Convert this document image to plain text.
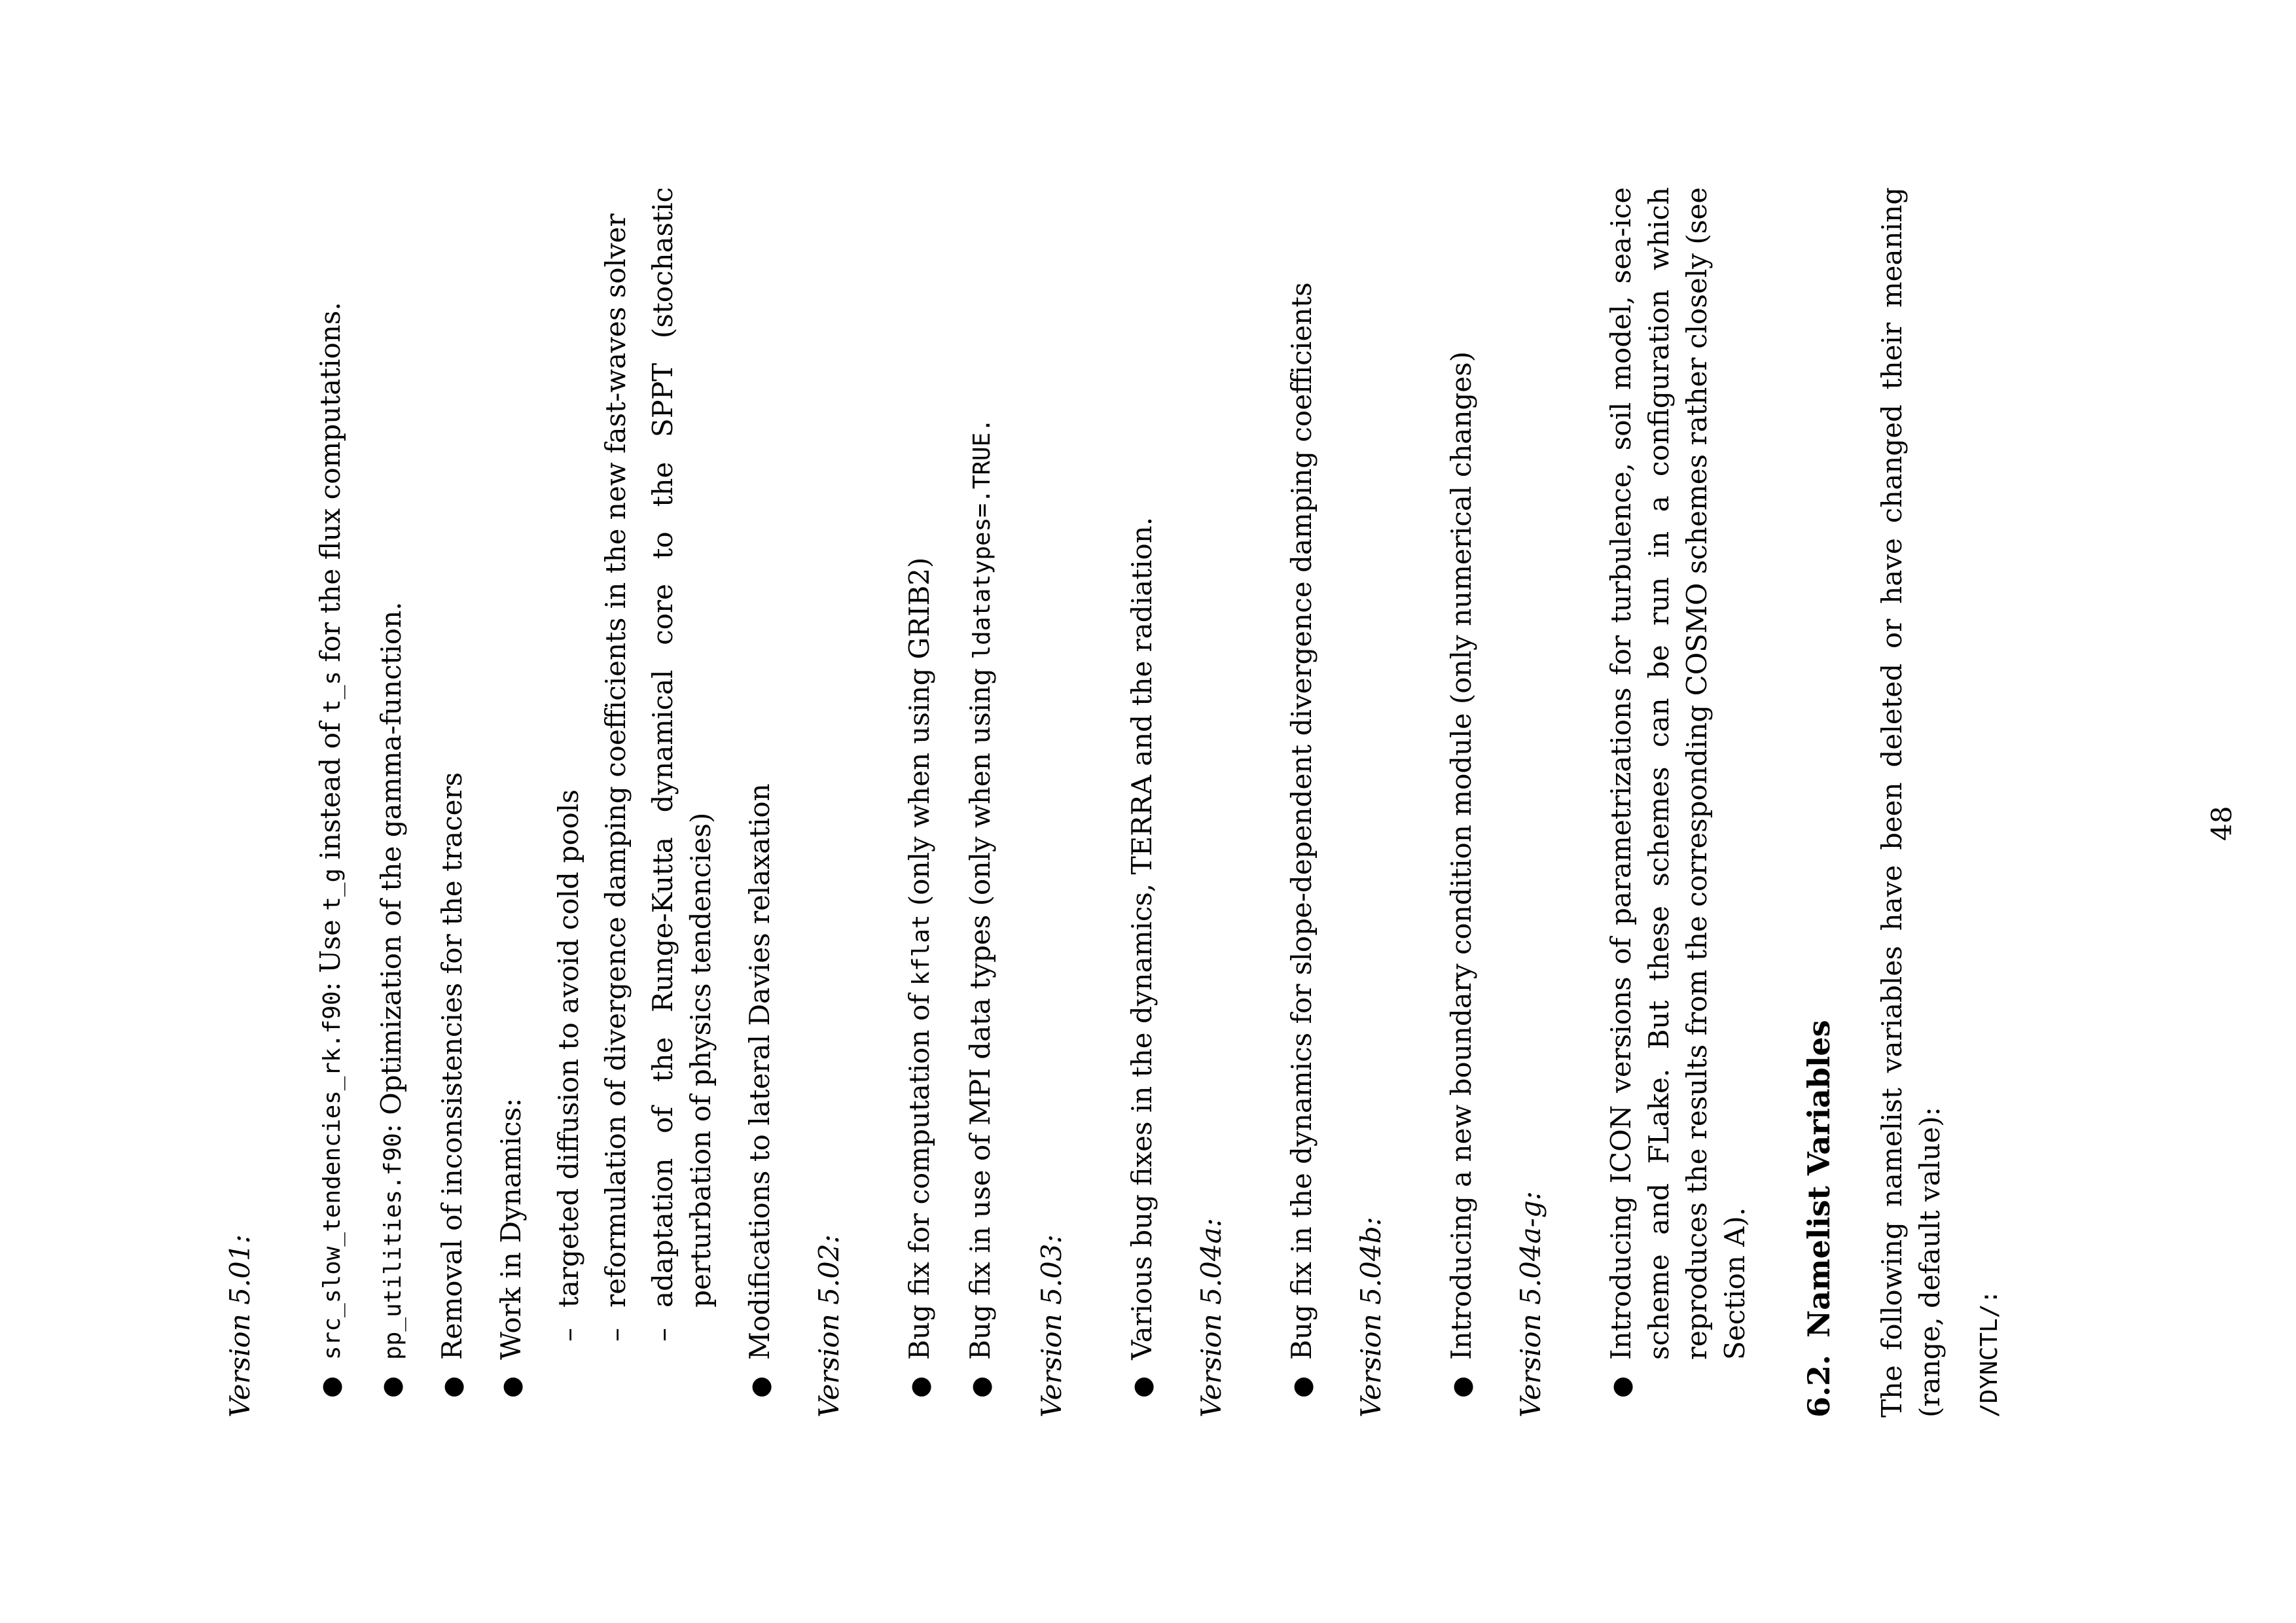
Version 5.01: ●
src_slow_tendencies_rk.f90: Use t_g instead of t_s for the flux computations.
●
pp_utilities.f90: Optimization of the gamma-function.
●
Removal of inconsistencies for the tracers
●
Work in Dynamics: –
targeted diffusion to avoid cold pools
–
reformulation of divergence damping coefficients in the new fast-waves solver
–
adaptation of the Runge-Kutta dynamical core to the SPPT (stochastic perturbation of physics tendencies)
●
Modifications to lateral Davies relaxation Version 5.02: ●
Bug fix for computation of kflat (only when using GRIB2)
●
Bug fix in use of MPI data types (only when using ldatatypes=.TRUE.
Version 5.03: ●
Various bug fixes in the dynamics, TERRA and the radiation. Version 5.04a: ●
Bug fix in the dynamics for slope-dependent divergence damping coefficients Version 5.04b: ●
Introducing a new boundary condition module (only numerical changes) Version 5.04a-g: ●
Introducing ICON versions of parametrizations for turbulence, soil model, sea-ice scheme and FLake. But these schemes can be run in a configuration which reproduces the results from the corresponding COSMO schemes rather closely (see Section A).
6.2.Namelist Variables The following namelist variables have been deleted or have changed their meaning (range, default value):	/DYNCTL/:

48
